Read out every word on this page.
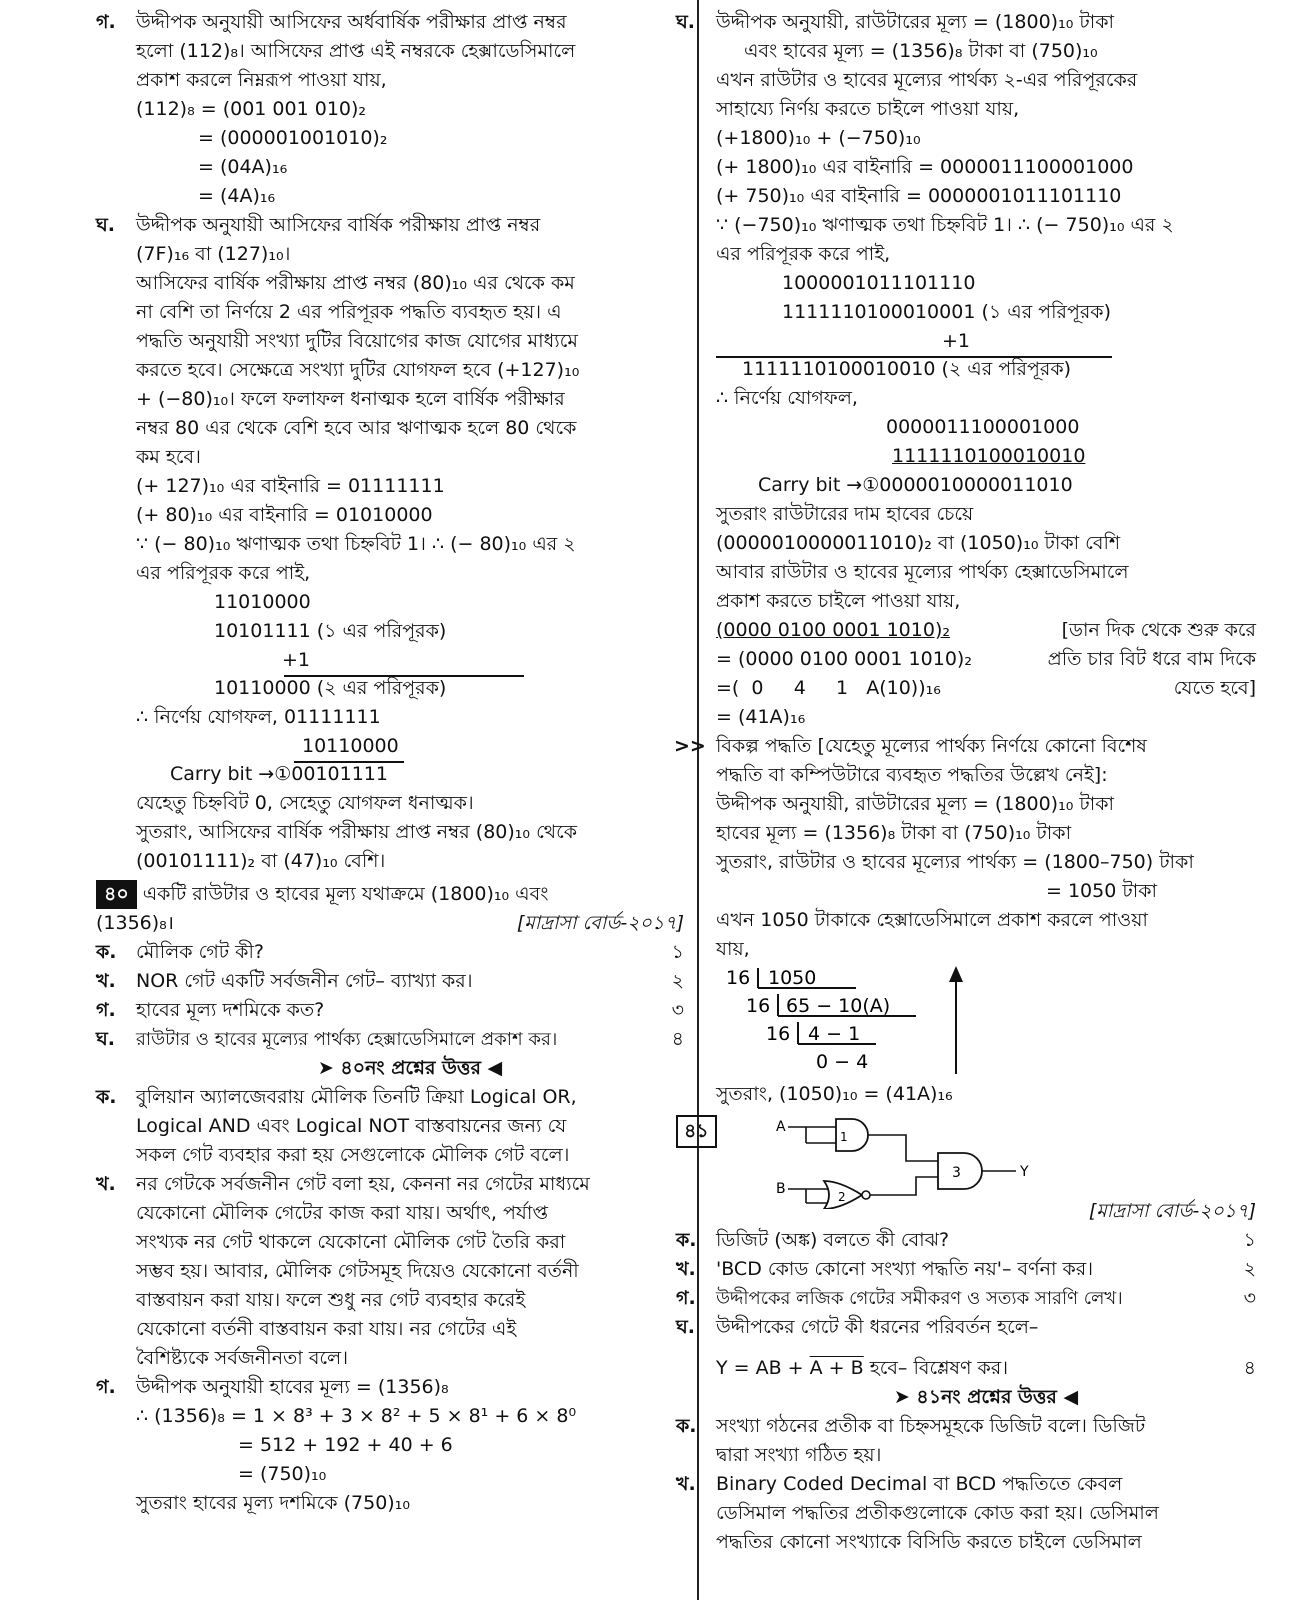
গ. উদ্দীপক অনুযায়ী আসিফের অর্ধবার্ষিক পরীক্ষার প্রাপ্ত নম্বর
হলো (112)₈। আসিফের প্রাপ্ত এই নম্বরকে হেক্সাডেসিমালে
প্রকাশ করলে নিম্নরূপ পাওয়া যায়,
(112)₈ = (001 001 010)₂
= (000001001010)₂
= (04A)₁₆
= (4A)₁₆
ঘ. উদ্দীপক অনুযায়ী আসিফের বার্ষিক পরীক্ষায় প্রাপ্ত নম্বর
(7F)₁₆ বা (127)₁₀।
আসিফের বার্ষিক পরীক্ষায় প্রাপ্ত নম্বর (80)₁₀ এর থেকে কম
না বেশি তা নির্ণয়ে 2 এর পরিপূরক পদ্ধতি ব্যবহৃত হয়। এ
পদ্ধতি অনুযায়ী সংখ্যা দুটির বিয়োগের কাজ যোগের মাধ্যমে
করতে হবে। সেক্ষেত্রে সংখ্যা দুটির যোগফল হবে (+127)₁₀
+ (−80)₁₀। ফলে ফলাফল ধনাত্মক হলে বার্ষিক পরীক্ষার
নম্বর 80 এর থেকে বেশি হবে আর ঋণাত্মক হলে 80 থেকে
কম হবে।
(+ 127)₁₀ এর বাইনারি = 01111111
(+ 80)₁₀ এর বাইনারি = 01010000
∵ (− 80)₁₀ ঋণাত্মক তথা চিহ্নবিট 1। ∴ (− 80)₁₀ এর ২
এর পরিপূরক করে পাই,
11010000
10101111 (১ এর পরিপূরক)
+1
10110000 (২ এর পরিপূরক)
∴ নির্ণেয় যোগফল, 01111111
10110000
Carry bit →①00101111
যেহেতু চিহ্নবিট 0, সেহেতু যোগফল ধনাত্মক।
সুতরাং, আসিফের বার্ষিক পরীক্ষায় প্রাপ্ত নম্বর (80)₁₀ থেকে
(00101111)₂ বা (47)₁₀ বেশি।
৪০ একটি রাউটার ও হাবের মূল্য যথাক্রমে (1800)₁₀ এবং
(1356)₈।	[মাদ্রাসা বোর্ড-২০১৭]
ক. মৌলিক গেট কী?	১
খ. NOR গেট একটি সর্বজনীন গেট– ব্যাখ্যা কর।	২
গ. হাবের মূল্য দশমিকে কত?	৩
ঘ. রাউটার ও হাবের মূল্যের পার্থক্য হেক্সাডেসিমালে প্রকাশ কর।	৪
➤ ৪০নং প্রশ্নের উত্তর ◀
ক. বুলিয়ান অ্যালজেবরায় মৌলিক তিনটি ক্রিয়া Logical OR,
Logical AND এবং Logical NOT বাস্তবায়নের জন্য যে
সকল গেট ব্যবহার করা হয় সেগুলোকে মৌলিক গেট বলে।
খ. নর গেটকে সর্বজনীন গেট বলা হয়, কেননা নর গেটের মাধ্যমে
যেকোনো মৌলিক গেটের কাজ করা যায়। অর্থাৎ, পর্যাপ্ত
সংখ্যক নর গেট থাকলে যেকোনো মৌলিক গেট তৈরি করা
সম্ভব হয়। আবার, মৌলিক গেটসমূহ দিয়েও যেকোনো বর্তনী
বাস্তবায়ন করা যায়। ফলে শুধু নর গেট ব্যবহার করেই
যেকোনো বর্তনী বাস্তবায়ন করা যায়। নর গেটের এই
বৈশিষ্ট্যকে সর্বজনীনতা বলে।
গ. উদ্দীপক অনুযায়ী হাবের মূল্য = (1356)₈
∴ (1356)₈ = 1 × 8³ + 3 × 8² + 5 × 8¹ + 6 × 8⁰
= 512 + 192 + 40 + 6
= (750)₁₀
সুতরাং হাবের মূল্য দশমিকে (750)₁₀
ঘ. উদ্দীপক অনুযায়ী, রাউটারের মূল্য = (1800)₁₀ টাকা
এবং হাবের মূল্য = (1356)₈ টাকা বা (750)₁₀
এখন রাউটার ও হাবের মূল্যের পার্থক্য ২-এর পরিপূরকের
সাহায্যে নির্ণয় করতে চাইলে পাওয়া যায়,
(+1800)₁₀ + (−750)₁₀
(+ 1800)₁₀ এর বাইনারি = 0000011100001000
(+ 750)₁₀ এর বাইনারি = 0000001011101110
∵ (−750)₁₀ ঋণাত্মক তথা চিহ্নবিট 1। ∴ (− 750)₁₀ এর ২
এর পরিপূরক করে পাই,
1000001011101110
1111110100010001 (১ এর পরিপূরক)
+1
1111110100010010 (২ এর পরিপূরক)
∴ নির্ণেয় যোগফল,
0000011100001000
1111110100010010
Carry bit →①0000010000011010
সুতরাং রাউটারের দাম হাবের চেয়ে
(0000010000011010)₂ বা (1050)₁₀ টাকা বেশি
আবার রাউটার ও হাবের মূল্যের পার্থক্য হেক্সাডেসিমালে
প্রকাশ করতে চাইলে পাওয়া যায়,
(0000 0100 0001 1010)₂	[ডান দিক থেকে শুরু করে
= (0000 0100 0001 1010)₂	প্রতি চার বিট ধরে বাম দিকে
=(  0     4     1   A(10))₁₆	যেতে হবে]
= (41A)₁₆
>> বিকল্প পদ্ধতি [যেহেতু মূল্যের পার্থক্য নির্ণয়ে কোনো বিশেষ
পদ্ধতি বা কম্পিউটারে ব্যবহৃত পদ্ধতির উল্লেখ নেই]:
উদ্দীপক অনুযায়ী, রাউটারের মূল্য = (1800)₁₀ টাকা
হাবের মূল্য = (1356)₈ টাকা বা (750)₁₀ টাকা
সুতরাং, রাউটার ও হাবের মূল্যের পার্থক্য = (1800–750) টাকা
= 1050 টাকা
এখন 1050 টাকাকে হেক্সাডেসিমালে প্রকাশ করলে পাওয়া
যায়,
16 1050
16 65 − 10(A)
16 4 − 1
0 − 4
সুতরাং, (1050)₁₀ = (41A)₁₆
৪১	A
1
B	2
3	Y
[মাদ্রাসা বোর্ড-২০১৭]
ক. ডিজিট (অঙ্ক) বলতে কী বোঝ?	১
খ. 'BCD কোড কোনো সংখ্যা পদ্ধতি নয়'– বর্ণনা কর।	২
গ. উদ্দীপকের লজিক গেটের সমীকরণ ও সত্যক সারণি লেখ।	৩
ঘ. উদ্দীপকের গেটে কী ধরনের পরিবর্তন হলে–
Y = AB + A + B হবে– বিশ্লেষণ কর।	৪
➤ ৪১নং প্রশ্নের উত্তর ◀
ক. সংখ্যা গঠনের প্রতীক বা চিহ্নসমূহকে ডিজিট বলে। ডিজিট
দ্বারা সংখ্যা গঠিত হয়।
খ. Binary Coded Decimal বা BCD পদ্ধতিতে কেবল
ডেসিমাল পদ্ধতির প্রতীকগুলোকে কোড করা হয়। ডেসিমাল
পদ্ধতির কোনো সংখ্যাকে বিসিডি করতে চাইলে ডেসিমাল
